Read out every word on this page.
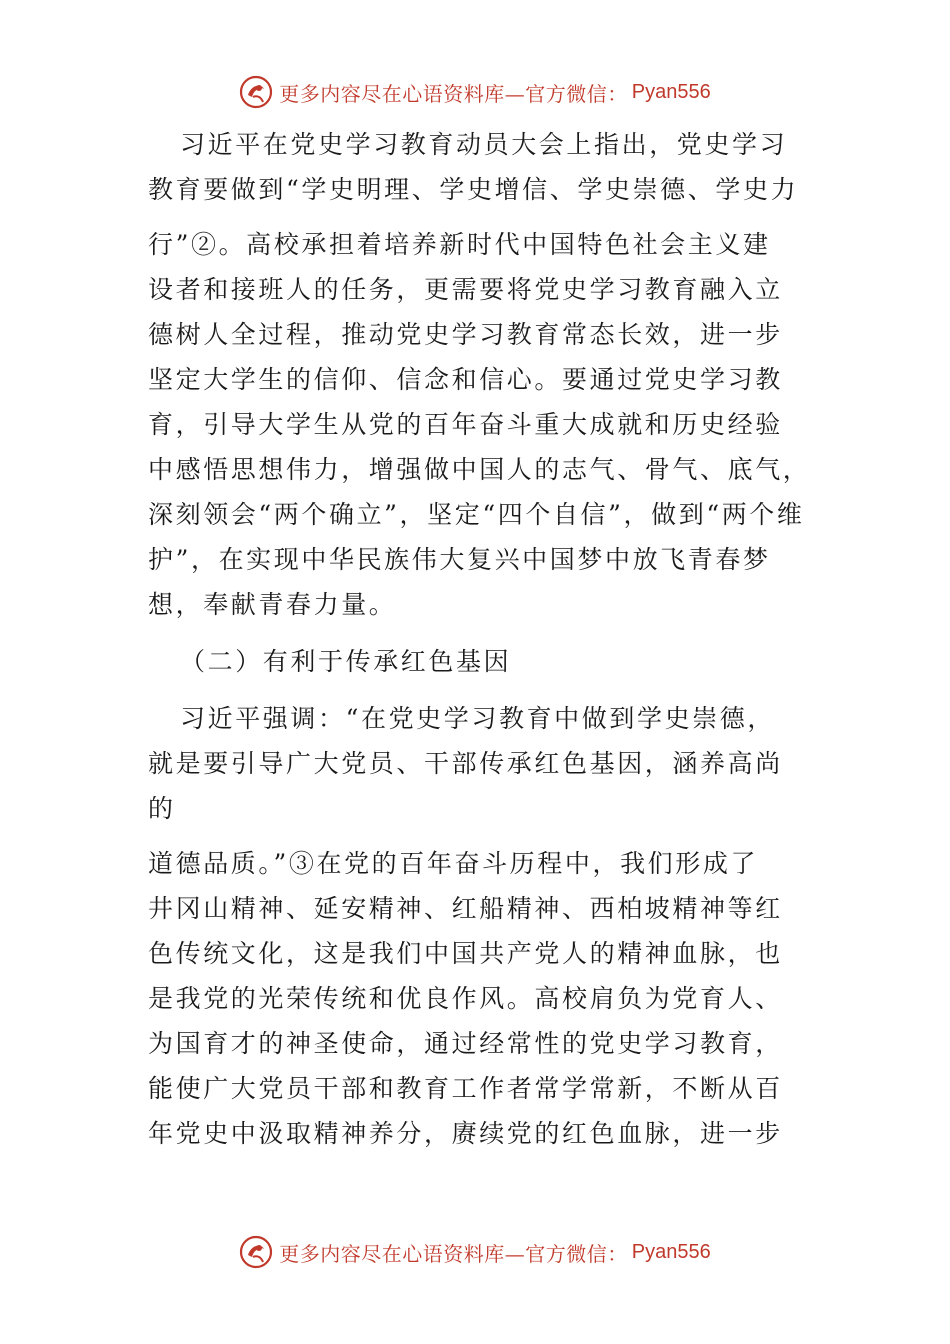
更多内容尽在心语资料库—官方微信： Pyan556
习近平在党史学习教育动员大会上指出，党史学习
教育要做到“学史明理、学史增信、学史崇德、学史力
行”②。高校承担着培养新时代中国特色社会主义建
设者和接班人的任务，更需要将党史学习教育融入立
德树人全过程，推动党史学习教育常态长效，进一步
坚定大学生的信仰、信念和信心。要通过党史学习教
育，引导大学生从党的百年奋斗重大成就和历史经验
中感悟思想伟力，增强做中国人的志气、骨气、底气，
深刻领会“两个确立”，坚定“四个自信”，做到“两个维
护”，在实现中华民族伟大复兴中国梦中放飞青春梦
想，奉献青春力量。
（二）有利于传承红色基因
习近平强调：“在党史学习教育中做到学史崇德，
就是要引导广大党员、干部传承红色基因，涵养高尚
的
道德品质。”③在党的百年奋斗历程中，我们形成了
井冈山精神、延安精神、红船精神、西柏坡精神等红
色传统文化，这是我们中国共产党人的精神血脉，也
是我党的光荣传统和优良作风。高校肩负为党育人、
为国育才的神圣使命，通过经常性的党史学习教育，
能使广大党员干部和教育工作者常学常新，不断从百
年党史中汲取精神养分，赓续党的红色血脉，进一步
更多内容尽在心语资料库—官方微信： Pyan556
